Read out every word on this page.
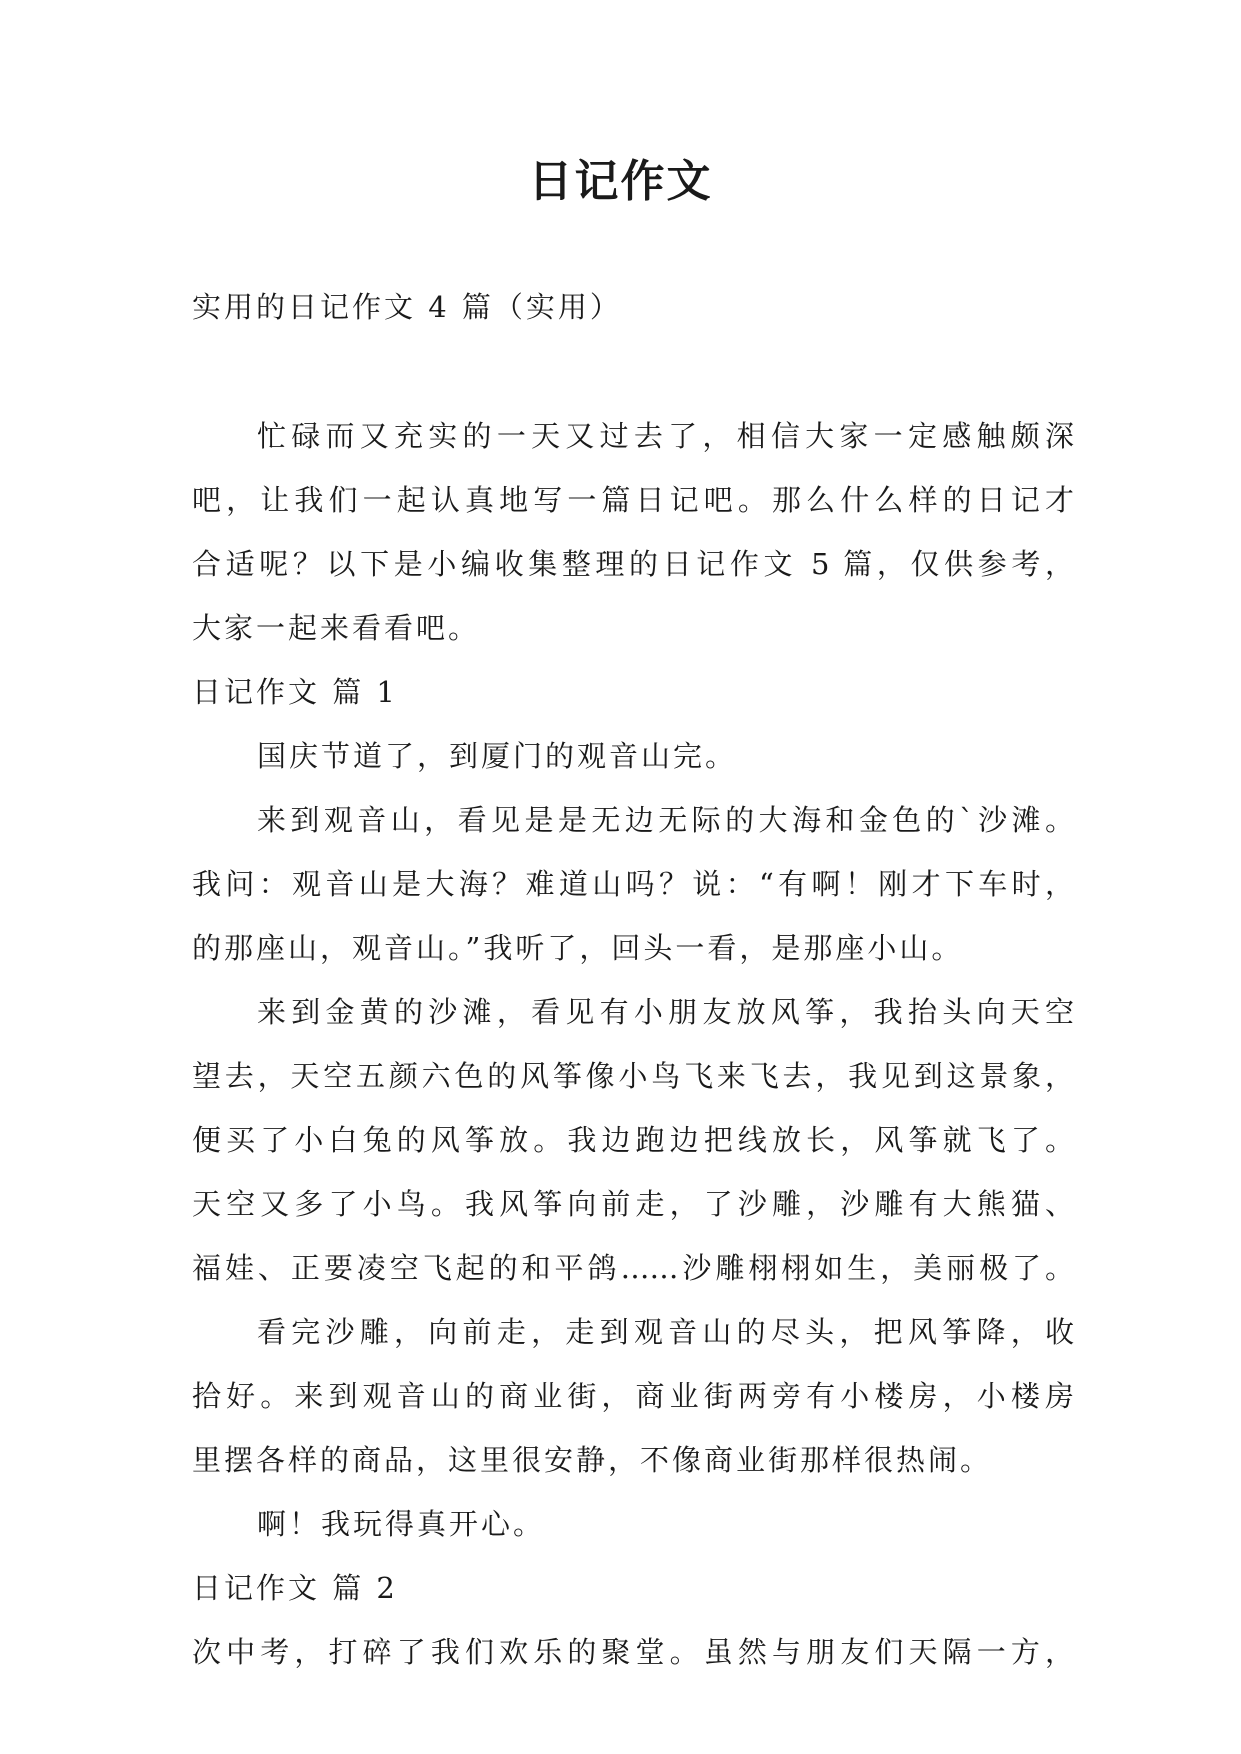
日记作文

实用的日记作文 4 篇（实用）

忙碌而又充实的一天又过去了，相信大家一定感触颇深
吧，让我们一起认真地写一篇日记吧。那么什么样的日记才
合适呢？以下是小编收集整理的日记作文 5 篇，仅供参考，
大家一起来看看吧。
日记作文 篇 1
国庆节道了，到厦门的观音山完。
来到观音山，看见是是无边无际的大海和金色的`沙滩。
我问：观音山是大海？难道山吗？说：“有啊！刚才下车时，
的那座山，观音山。”我听了，回头一看，是那座小山。
来到金黄的沙滩，看见有小朋友放风筝，我抬头向天空
望去，天空五颜六色的风筝像小鸟飞来飞去，我见到这景象，
便买了小白兔的风筝放。我边跑边把线放长，风筝就飞了。
天空又多了小鸟。我风筝向前走，了沙雕，沙雕有大熊猫、
福娃、正要凌空飞起的和平鸽……沙雕栩栩如生，美丽极了。
看完沙雕，向前走，走到观音山的尽头，把风筝降，收
拾好。来到观音山的商业街，商业街两旁有小楼房，小楼房
里摆各样的商品，这里很安静，不像商业街那样很热闹。
啊！我玩得真开心。
日记作文 篇 2
次中考，打碎了我们欢乐的聚堂。虽然与朋友们天隔一方，
